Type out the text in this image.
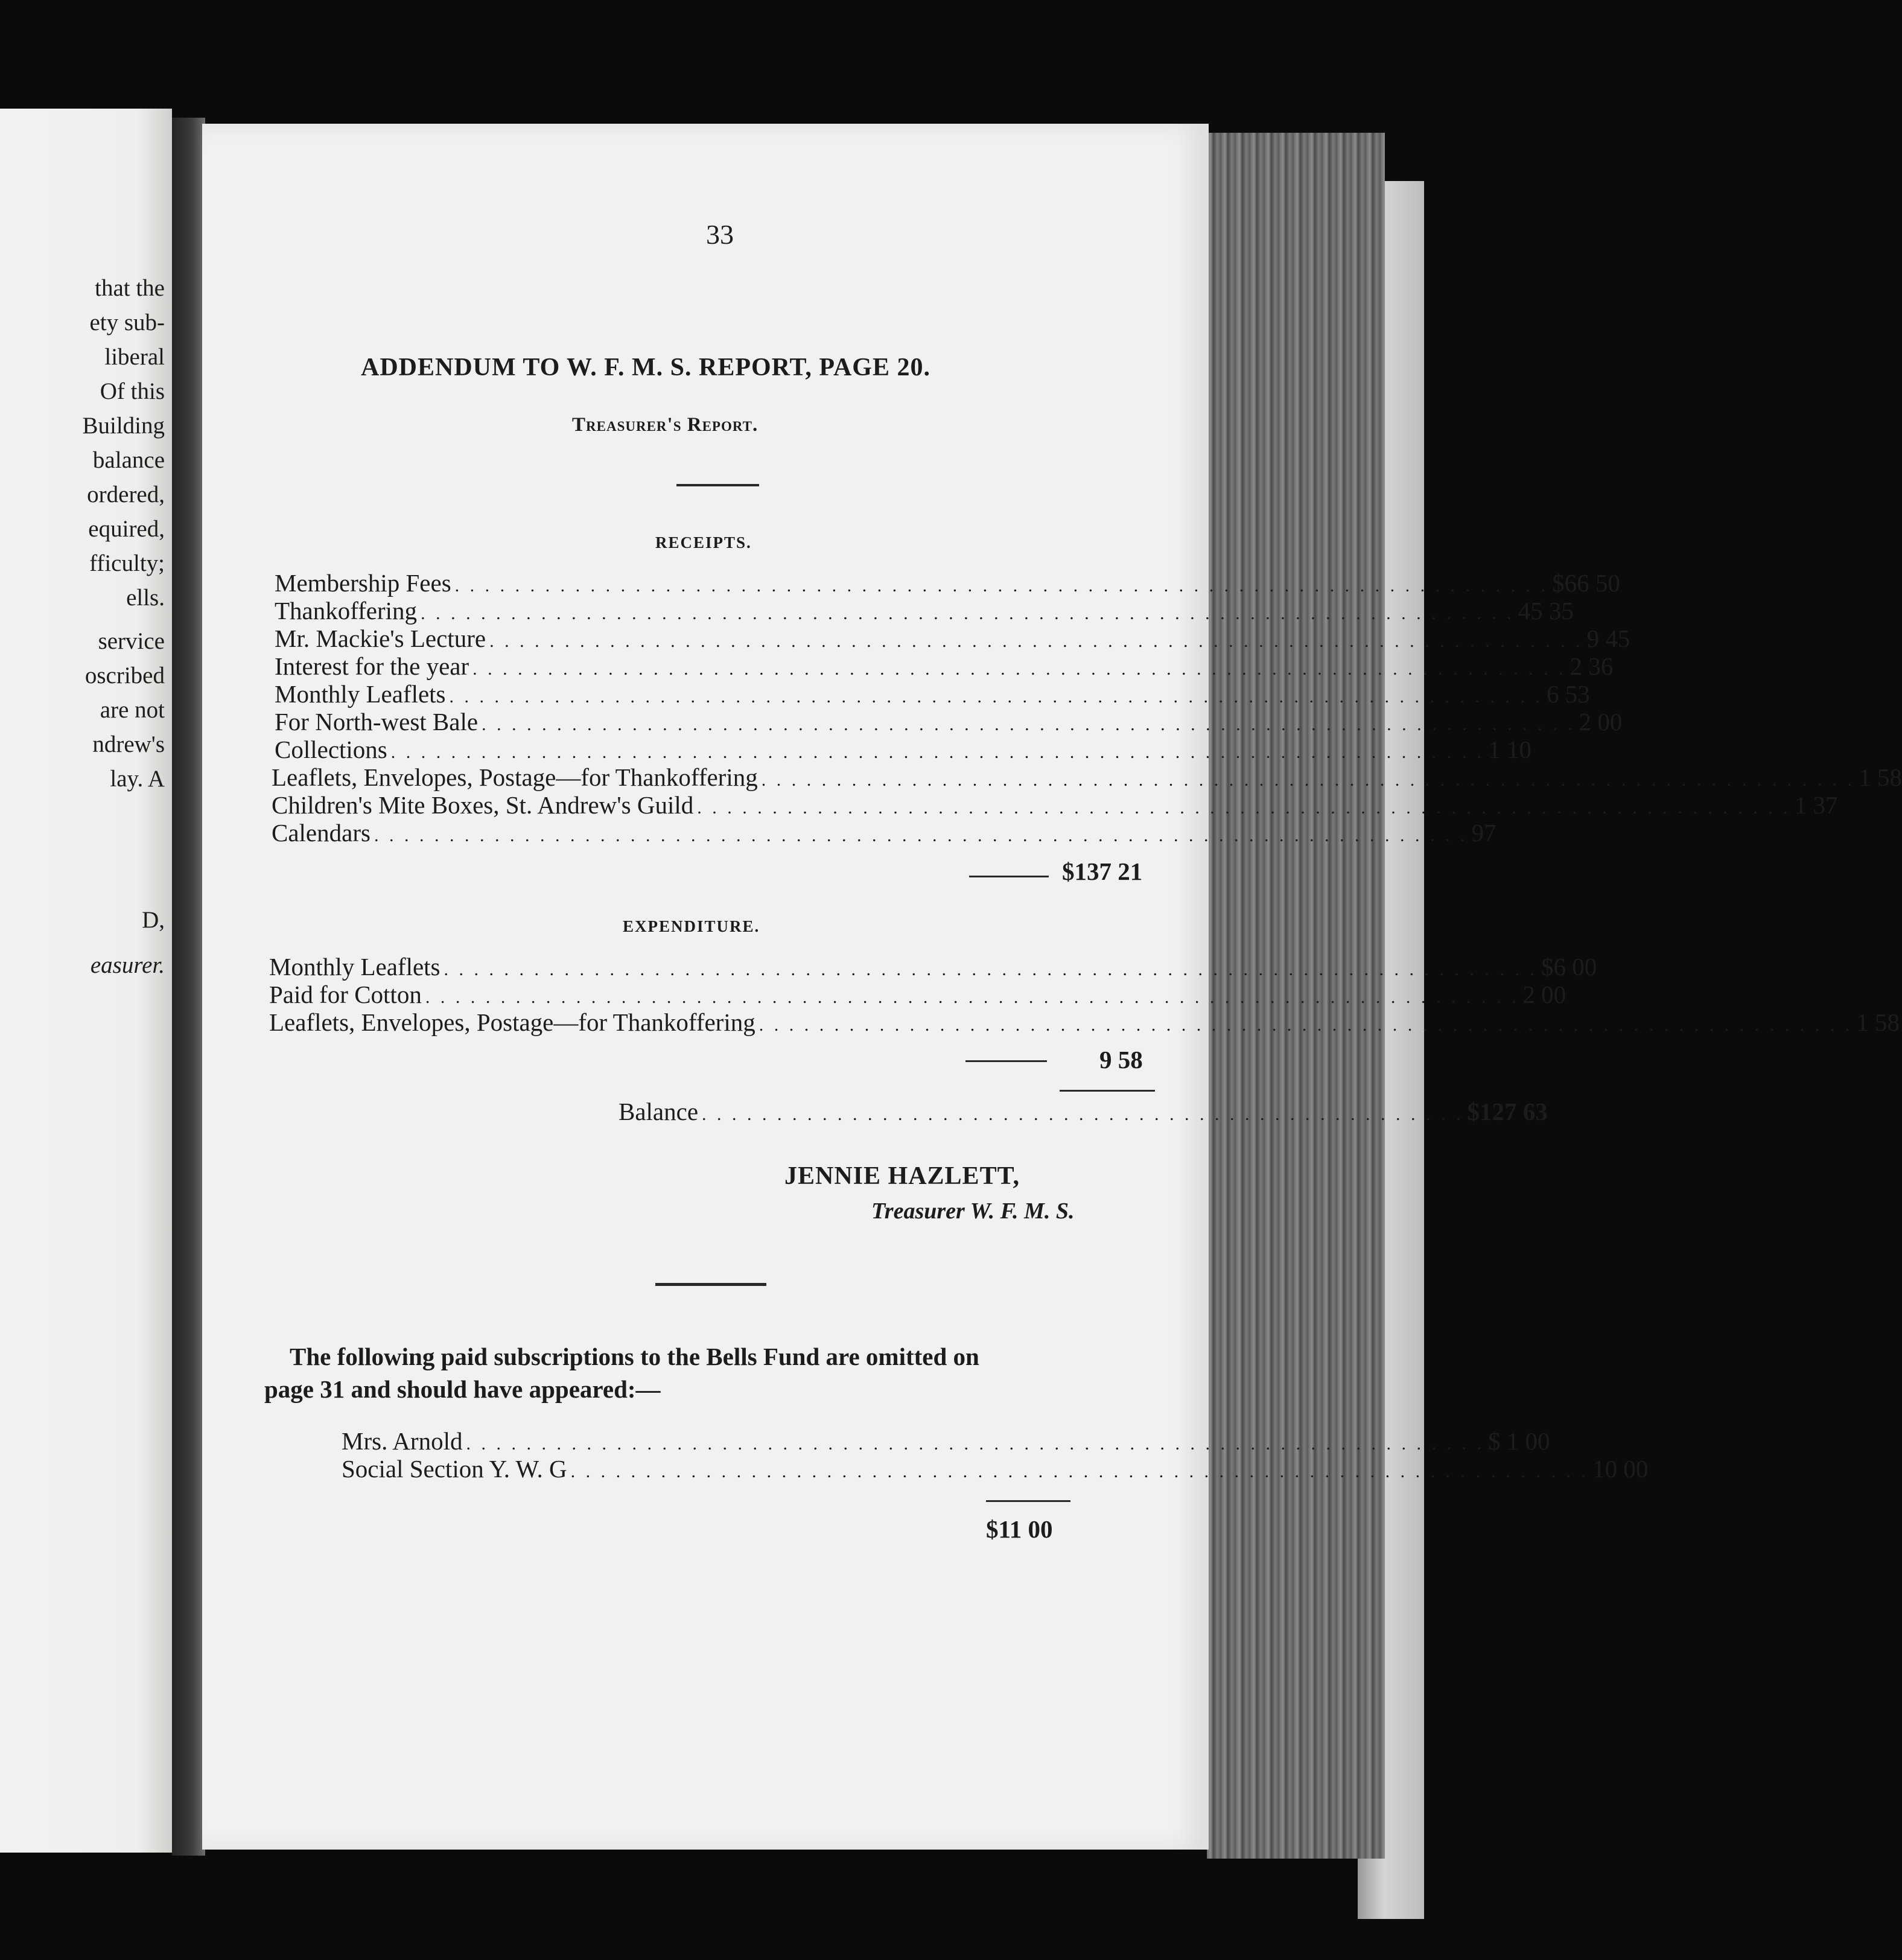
that the

ety sub-

liberal

Of this

Building

balance

ordered,

equired,

fficulty;

ells.

service

oscribed

are not

ndrew's

lay. A

D,

easurer.

33

ADDENDUM TO W. F. M. S. REPORT, PAGE 20.

Treasurer's Report.

RECEIPTS.

Membership Fees . . . . . . . . . . . . . . . . . . . . . . . . . . . . . . . . . . . . . . . . . . . . . . . . . . . . . . . . . . . . . . . . . . . . . . . . . $66 50
Thankoffering . . . . . . . . . . . . . . . . . . . . . . . . . . . . . . . . . . . . . . . . . . . . . . . . . . . . . . . . . . . . . . . . . . . . . . . . . 45 35
Mr. Mackie's Lecture . . . . . . . . . . . . . . . . . . . . . . . . . . . . . . . . . . . . . . . . . . . . . . . . . . . . . . . . . . . . . . . . . . . . . . . . . 9 45
Interest for the year . . . . . . . . . . . . . . . . . . . . . . . . . . . . . . . . . . . . . . . . . . . . . . . . . . . . . . . . . . . . . . . . . . . . . . . . . 2 36
Monthly Leaflets . . . . . . . . . . . . . . . . . . . . . . . . . . . . . . . . . . . . . . . . . . . . . . . . . . . . . . . . . . . . . . . . . . . . . . . . . 6 53
For North-west Bale . . . . . . . . . . . . . . . . . . . . . . . . . . . . . . . . . . . . . . . . . . . . . . . . . . . . . . . . . . . . . . . . . . . . . . . . . 2 00
Collections . . . . . . . . . . . . . . . . . . . . . . . . . . . . . . . . . . . . . . . . . . . . . . . . . . . . . . . . . . . . . . . . . . . . . . . . . 1 10
Leaflets, Envelopes, Postage—for Thankoffering . . . . . . . . . . . . . . . . . . . . . . . . . . . . . . . . . . . . . . . . . . . . . . . . . . . . . . . . . . . . . . . . . . . . . . . . . 1 58
Children's Mite Boxes, St. Andrew's Guild . . . . . . . . . . . . . . . . . . . . . . . . . . . . . . . . . . . . . . . . . . . . . . . . . . . . . . . . . . . . . . . . . . . . . . . . . 1 37
Calendars . . . . . . . . . . . . . . . . . . . . . . . . . . . . . . . . . . . . . . . . . . . . . . . . . . . . . . . . . . . . . . . . . . . . . . . . . 97

$137 21

EXPENDITURE.

Monthly Leaflets . . . . . . . . . . . . . . . . . . . . . . . . . . . . . . . . . . . . . . . . . . . . . . . . . . . . . . . . . . . . . . . . . . . . . . . . . $6 00
Paid for Cotton . . . . . . . . . . . . . . . . . . . . . . . . . . . . . . . . . . . . . . . . . . . . . . . . . . . . . . . . . . . . . . . . . . . . . . . . . 2 00
Leaflets, Envelopes, Postage—for Thankoffering . . . . . . . . . . . . . . . . . . . . . . . . . . . . . . . . . . . . . . . . . . . . . . . . . . . . . . . . . . . . . . . . . . . . . . . . . 1 58

9 58

Balance . . . . . . . . . . . . . . . . . . . . . . . . . . . . . . . . . . . . . . . . . . . . . . . . . . . $127 63

JENNIE HAZLETT,

Treasurer W. F. M. S.

The following paid subscriptions to the Bells Fund are omitted on

page 31 and should have appeared:—

Mrs. Arnold . . . . . . . . . . . . . . . . . . . . . . . . . . . . . . . . . . . . . . . . . . . . . . . . . . . . . . . . . . . . . . . . . . . . $ 1 00
Social Section Y. W. G . . . . . . . . . . . . . . . . . . . . . . . . . . . . . . . . . . . . . . . . . . . . . . . . . . . . . . . . . . . . . . . . . . . . 10 00

$11 00
